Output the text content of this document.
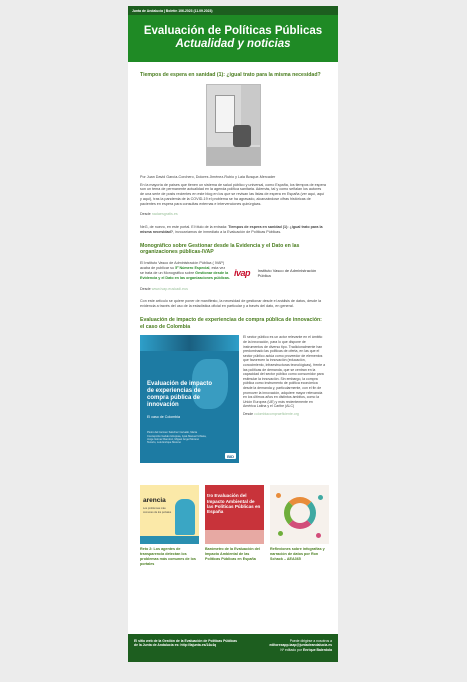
Junta de Andalucía | Boletín 106-2023 (11.09.2023)
Evaluación de Políticas Públicas
Actualidad y noticias
Tiempos de espera en sanidad (1): ¿igual trato para la misma necesidad?

Por Juan David García-Corchero, Dolores Jiménez-Rubio y Laia Bosque-Mercader

En la mayoría de países que tienen un sistema de salud público y universal, como España, los tiempos de espera son un tema de permanente actualidad en la agenda política sanitaria. Además, tal y como señalan los autores de una serie de posts recientes en este blog en los que se revisan las listas de espera en España (ver aquí, aquí y aquí), tras la pandemia de la COVID-19 el problema se ha agravado, alcanzándose cifras históricas de pacientes en espera para consultas externas e intervenciones quirúrgicas.

Desde nadaesgratis.es

NeG, de nuevo, en este portal. El título de la entrada: Tiempos de espera en sanidad (1): ¿igual trato para la misma necesidad?, invocaríamos de inmediato a la Evaluación de Políticas Públicas.

Monográfico sobre Gestionar desde la Evidencia y el Dato en las organizaciones públicas-IVAP

El Instituto Vasco de Administración Pública ( IVAP) acaba de publicar su 5º Número Especial, esta vez se trata de un Monográfico sobre Gestionar desde la Evidencia y el Dato en las organizaciones públicas. ivap Instituto Vasco de Administración Pública

Desde www.ivap.euskadi.eus

Con este artículo se quiere poner de manifiesto, la necesidad de gestionar desde el análisis de datos, desde la evidencia a través del uso de la estadística oficial en particular y a través del dato, en general.

Evaluación de impacto de experiencias de compra pública de innovación: el caso de Colombia
Evaluación de impacto de experiencias de compra pública de innovación
El caso de Colombia
Pietro del Carmen Sánchez Carvallo, María Concepción Galván Hinojosa, José Manuel Urbieta, Jorge Gómez Ramírez, Miguel Ángel Moreno Tenorio, Luis Enrique Moreno
BID

El sector público es un actor relevante en el ámbito de la innovación, para lo que dispone de instrumentos de diverso tipo. Tradicionalmente han predominado las políticas de oferta, en las que el sector público actúa como proveedor de elementos que favorecen la innovación (educación, conocimiento, infraestructuras tecnológicas), frente a las políticas de demanda, que se centran en la capacidad del sector público como consumidor para estimular la innovación. Sin embargo, la compra pública como instrumento de política económica desde la demanda y, particularmente, con el fin de promover la innovación, adquiere mayor relevancia en los últimos años en distintos ámbitos, como la Unión Europea (UE) y más recientemente en América Latina y el Caribe (ALC)

Desde colombiacompraeficiente.org

arencia
Los problemas más comunes de los portales
Reto 2: Los agentes de transparencia detectan los problemas más comunes de los portales
tro Evaluación del Impacto Ambiental de las Políticas Públicas en España
Barómetro de la Evaluación del Impacto Ambiental de las Políticas Públicas en España
Reflexiones sobre infografías y narración de datos por Ron Schack – AEA365
El sitio web de la Gestión de la Evaluación de Políticas Públicas de la Junta de Andalucía es: http://lajunta.es/14u4q
Puede dirigirse a nosotros a
editorexapp.iaap@juntadeandalucia.es
Nº editado por Enrique Balerdola
